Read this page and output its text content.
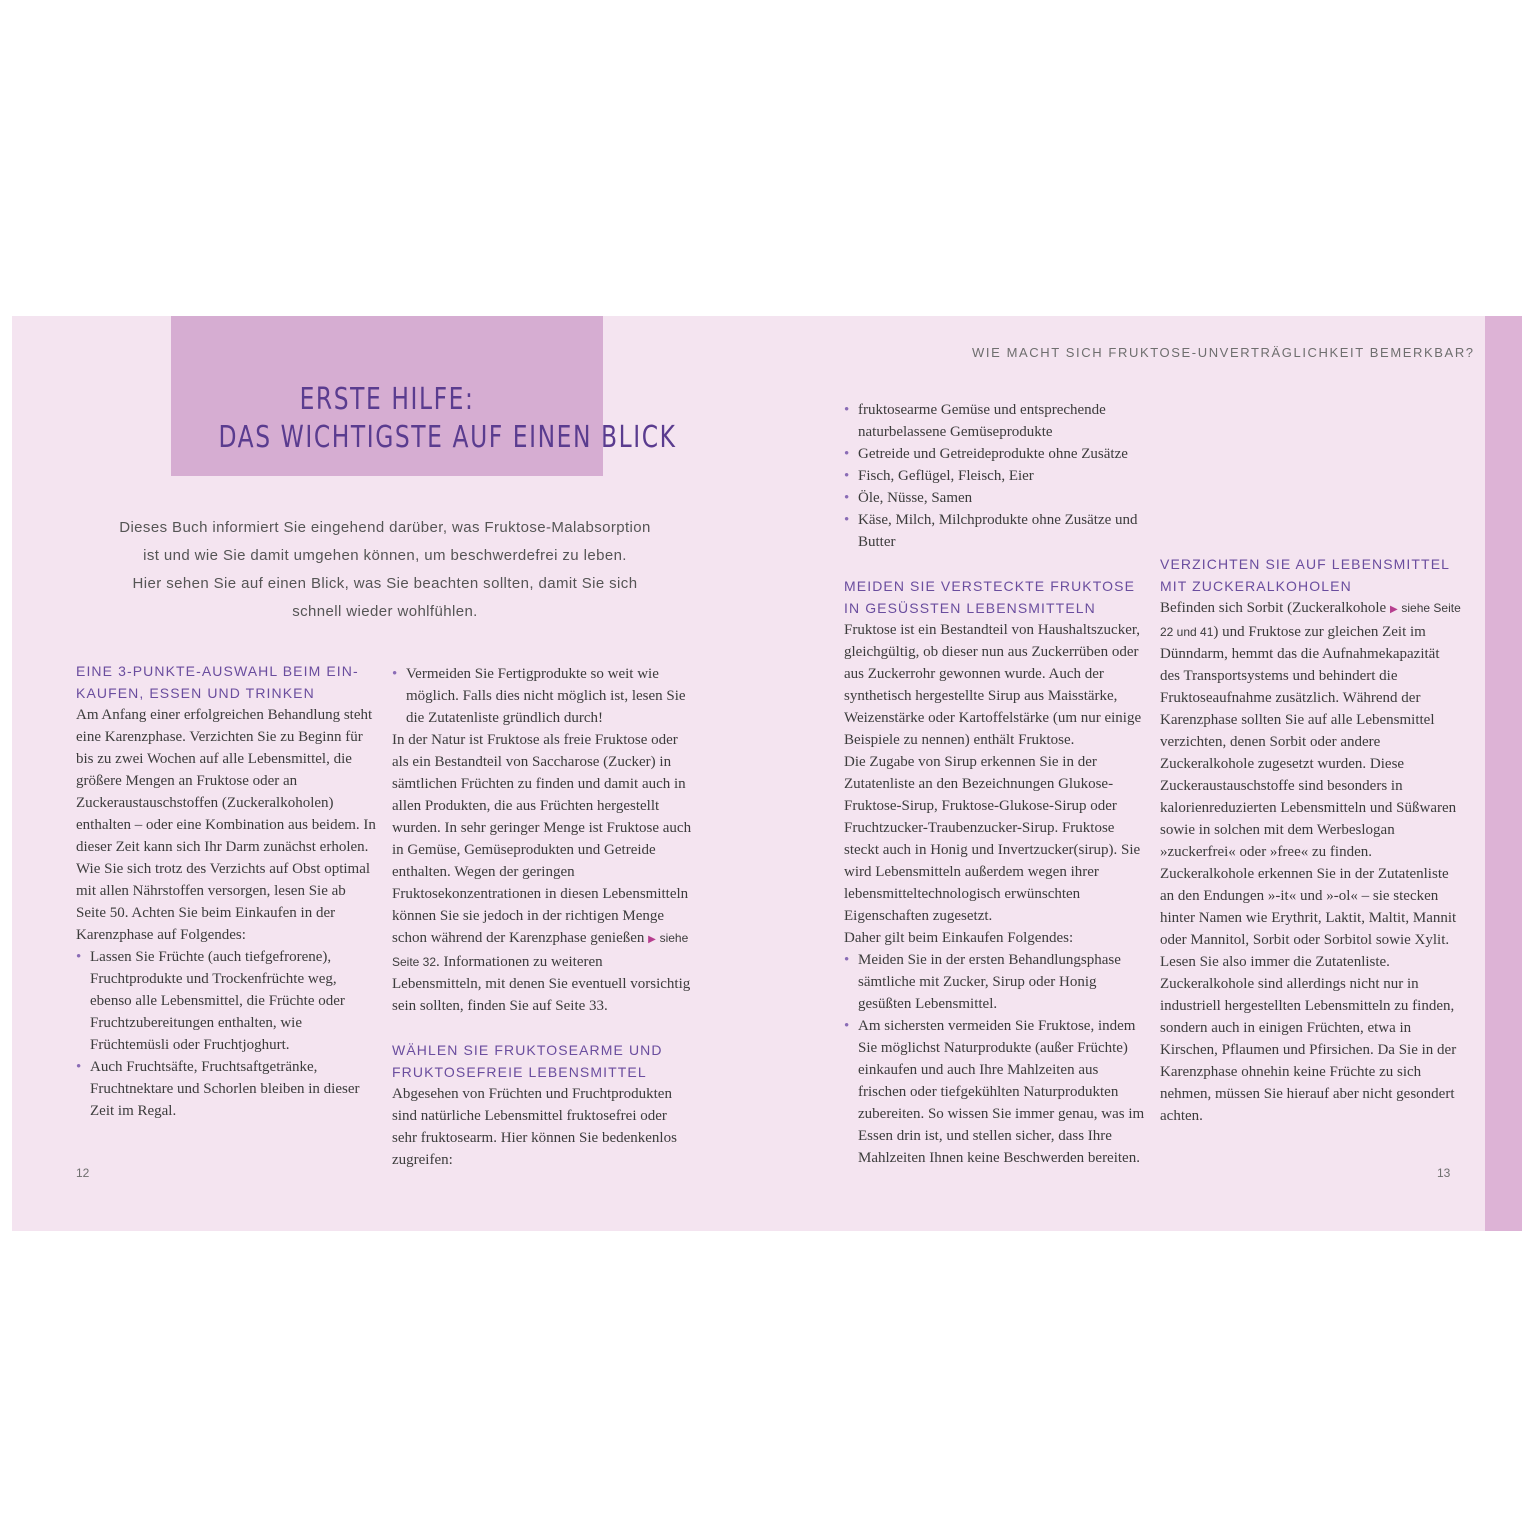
WIE MACHT SICH FRUKTOSE-UNVERTRÄGLICHKEIT BEMERKBAR?
ERSTE HILFE:
DAS WICHTIGSTE AUF EINEN BLICK
Dieses Buch informiert Sie eingehend darüber, was Fruktose-Malabsorption
ist und wie Sie damit umgehen können, um beschwerdefrei zu leben.
Hier sehen Sie auf einen Blick, was Sie beachten sollten, damit Sie sich
schnell wieder wohlfühlen.
EINE 3-PUNKTE-AUSWAHL BEIM EIN-KAUFEN, ESSEN UND TRINKEN

Am Anfang einer erfolgreichen Behandlung steht eine Karenzphase. Verzichten Sie zu Beginn für bis zu zwei Wochen auf alle Lebensmittel, die größere Mengen an Fruktose oder an Zuckeraustauschstoffen (Zuckeralkoholen) enthalten – oder eine Kombination aus beidem. In dieser Zeit kann sich Ihr Darm zunächst erholen. Wie Sie sich trotz des Verzichts auf Obst optimal mit allen Nährstoffen versorgen, lesen Sie ab Seite 50. Achten Sie beim Einkaufen in der Karenzphase auf Folgendes:

• Lassen Sie Früchte (auch tiefgefrorene), Fruchtprodukte und Trockenfrüchte weg, ebenso alle Lebensmittel, die Früchte oder Fruchtzubereitungen enthalten, wie Früchtemüsli oder Fruchtjoghurt.
• Auch Fruchtsäfte, Fruchtsaftgetränke, Fruchtnektare und Schorlen bleiben in dieser Zeit im Regal.
• Vermeiden Sie Fertigprodukte so weit wie möglich. Falls dies nicht möglich ist, lesen Sie die Zutatenliste gründlich durch!

In der Natur ist Fruktose als freie Fruktose oder als ein Bestandteil von Saccharose (Zucker) in sämtlichen Früchten zu finden und damit auch in allen Produkten, die aus Früchten hergestellt wurden. In sehr geringer Menge ist Fruktose auch in Gemüse, Gemüseprodukten und Getreide enthalten. Wegen der geringen Fruktosekonzentrationen in diesen Lebensmitteln können Sie sie jedoch in der richtigen Menge schon während der Karenzphase genießen ▶ siehe Seite 32. Informationen zu weiteren Lebensmitteln, mit denen Sie eventuell vorsichtig sein sollten, finden Sie auf Seite 33.

WÄHLEN SIE FRUKTOSEARME UND FRUKTOSEFREIE LEBENSMITTEL

Abgesehen von Früchten und Fruchtprodukten sind natürliche Lebensmittel fruktosefrei oder sehr fruktosearm. Hier können Sie bedenkenlos zugreifen:

• fruktosearme Gemüse und entsprechende naturbelassene Gemüseprodukte
• Getreide und Getreideprodukte ohne Zusätze
• Fisch, Geflügel, Fleisch, Eier
• Öle, Nüsse, Samen
• Käse, Milch, Milchprodukte ohne Zusätze und Butter
MEIDEN SIE VERSTECKTE FRUKTOSE IN GESÜSSTEN LEBENSMITTELN

Fruktose ist ein Bestandteil von Haushaltszucker, gleichgültig, ob dieser nun aus Zuckerrüben oder aus Zuckerrohr gewonnen wurde. Auch der synthetisch hergestellte Sirup aus Maisstärke, Weizenstärke oder Kartoffelstärke (um nur einige Beispiele zu nennen) enthält Fruktose.

Die Zugabe von Sirup erkennen Sie in der Zutatenliste an den Bezeichnungen Glukose-Fruktose-Sirup, Fruktose-Glukose-Sirup oder Fruchtzucker-Traubenzucker-Sirup. Fruktose steckt auch in Honig und Invertzucker(sirup). Sie wird Lebensmitteln außerdem wegen ihrer lebensmitteltechnologisch erwünschten Eigenschaften zugesetzt.

Daher gilt beim Einkaufen Folgendes:

• Meiden Sie in der ersten Behandlungsphase sämtliche mit Zucker, Sirup oder Honig gesüßten Lebensmittel.
• Am sichersten vermeiden Sie Fruktose, indem Sie möglichst Naturprodukte (außer Früchte) einkaufen und auch Ihre Mahlzeiten aus frischen oder tiefgekühlten Naturprodukten zubereiten. So wissen Sie immer genau, was im Essen drin ist, und stellen sicher, dass Ihre Mahlzeiten Ihnen keine Beschwerden bereiten.
VERZICHTEN SIE AUF LEBENSMITTEL MIT ZUCKERALKOHOLEN

Befinden sich Sorbit (Zuckeralkohole ▶ siehe Seite 22 und 41) und Fruktose zur gleichen Zeit im Dünndarm, hemmt das die Aufnahmekapazität des Transportsystems und behindert die Fruktoseaufnahme zusätzlich. Während der Karenzphase sollten Sie auf alle Lebensmittel verzichten, denen Sorbit oder andere Zuckeralkohole zugesetzt wurden. Diese Zuckeraustauschstoffe sind besonders in kalorienreduzierten Lebensmitteln und Süßwaren sowie in solchen mit dem Werbeslogan »zuckerfrei« oder »free« zu finden. Zuckeralkohole erkennen Sie in der Zutatenliste an den Endungen »-it« und »-ol« – sie stecken hinter Namen wie Erythrit, Laktit, Maltit, Mannit oder Mannitol, Sorbit oder Sorbitol sowie Xylit. Lesen Sie also immer die Zutatenliste.

Zuckeralkohole sind allerdings nicht nur in industriell hergestellten Lebensmitteln zu finden, sondern auch in einigen Früchten, etwa in Kirschen, Pflaumen und Pfirsichen. Da Sie in der Karenzphase ohnehin keine Früchte zu sich nehmen, müssen Sie hierauf aber nicht gesondert achten.

12	13
